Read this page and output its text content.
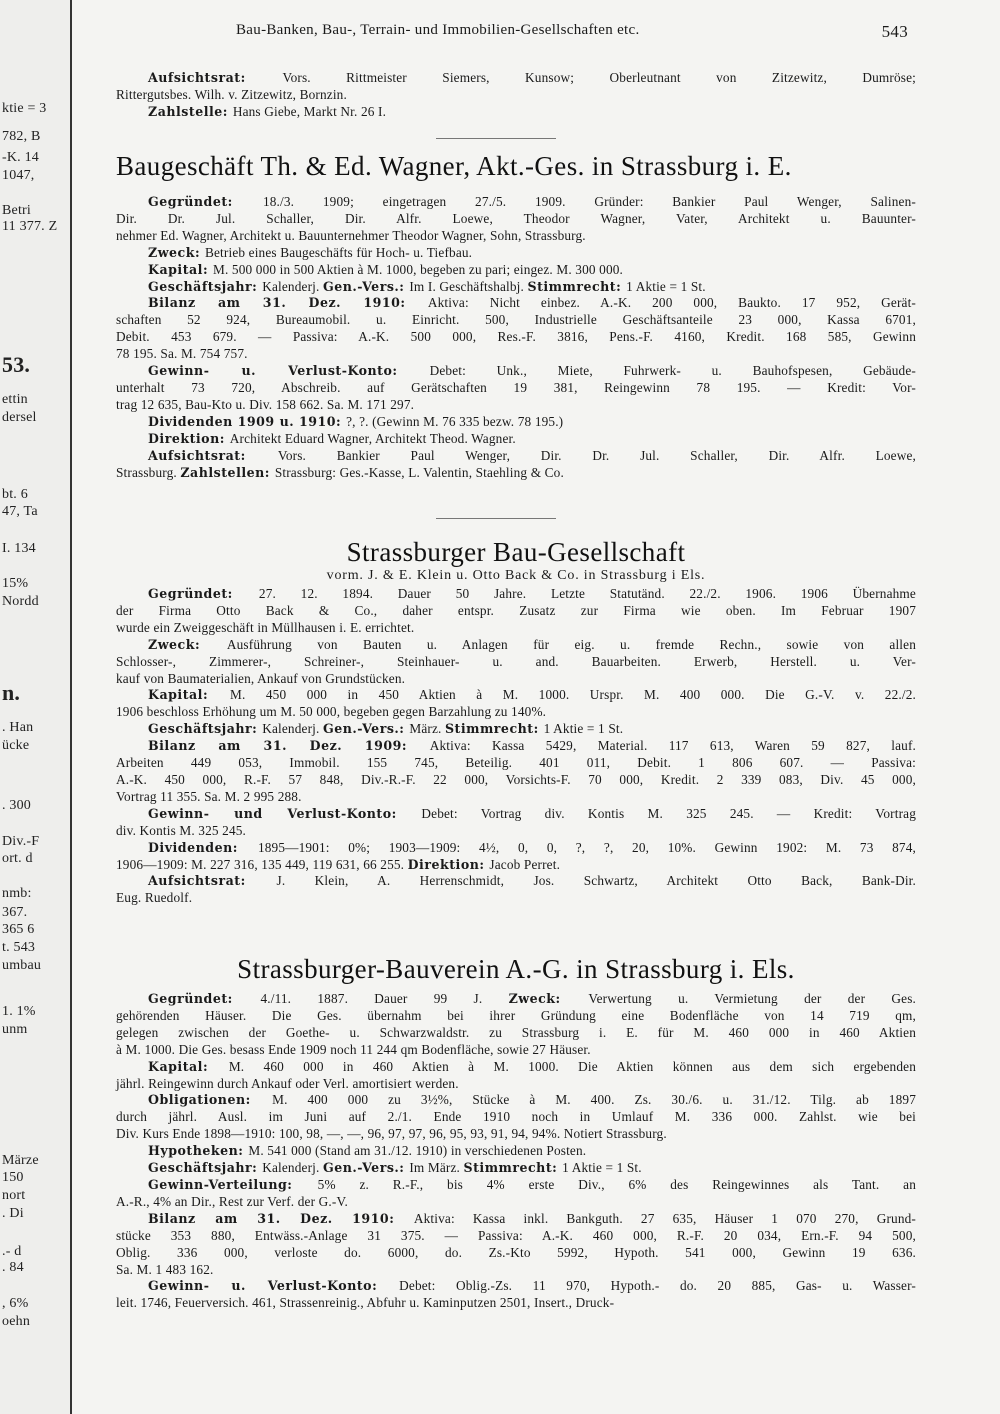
ktie = 3
782, B
-K. 14
1047,
Betri
11 377. Z
53.
ettin
dersel
bt. 6
47, Ta
I. 134
15%
Nordd
n.
. Han
ücke
. 300
Div.-F
ort. d
nmb:
367.
365 6
t. 543
umbau
1. 1%
unm
Märze
150
nort
. Di
.- d
. 84
, 6%
oehn
Bau-Banken, Bau-, Terrain- und Immobilien-Gesellschaften etc.	543
Aufsichtsrat: Vors. Rittmeister Siemers, Kunsow; Oberleutnant von Zitzewitz, Dumröse;
Rittergutsbes. Wilh. v. Zitzewitz, Bornzin.
Zahlstelle: Hans Giebe, Markt Nr. 26 I.
Baugeschäft Th. & Ed. Wagner, Akt.-Ges. in Strassburg i. E.
Gegründet: 18./3. 1909; eingetragen 27./5. 1909. Gründer: Bankier Paul Wenger, Salinen-
Dir. Dr. Jul. Schaller, Dir. Alfr. Loewe, Theodor Wagner, Vater, Architekt u. Bauunter-
nehmer Ed. Wagner, Architekt u. Bauunternehmer Theodor Wagner, Sohn, Strassburg.
Zweck: Betrieb eines Baugeschäfts für Hoch- u. Tiefbau.
Kapital: M. 500 000 in 500 Aktien à M. 1000, begeben zu pari; eingez. M. 300 000.
Geschäftsjahr: Kalenderj. Gen.-Vers.: Im I. Geschäftshalbj. Stimmrecht: 1 Aktie = 1 St.
Bilanz am 31. Dez. 1910: Aktiva: Nicht einbez. A.-K. 200 000, Baukto. 17 952, Gerät-
schaften 52 924, Bureaumobil. u. Einricht. 500, Industrielle Geschäftsanteile 23 000, Kassa 6701,
Debit. 453 679. — Passiva: A.-K. 500 000, Res.-F. 3816, Pens.-F. 4160, Kredit. 168 585, Gewinn
78 195. Sa. M. 754 757.
Gewinn- u. Verlust-Konto: Debet: Unk., Miete, Fuhrwerk- u. Bauhofspesen, Gebäude-
unterhalt 73 720, Abschreib. auf Gerätschaften 19 381, Reingewinn 78 195. — Kredit: Vor-
trag 12 635, Bau-Kto u. Div. 158 662. Sa. M. 171 297.
Dividenden 1909 u. 1910: ?, ?. (Gewinn M. 76 335 bezw. 78 195.)
Direktion: Architekt Eduard Wagner, Architekt Theod. Wagner.
Aufsichtsrat: Vors. Bankier Paul Wenger, Dir. Dr. Jul. Schaller, Dir. Alfr. Loewe,
Strassburg. Zahlstellen: Strassburg: Ges.-Kasse, L. Valentin, Staehling & Co.
Strassburger Bau-Gesellschaft
vorm. J. & E. Klein u. Otto Back & Co. in Strassburg i Els.
Gegründet: 27. 12. 1894. Dauer 50 Jahre. Letzte Statutänd. 22./2. 1906. 1906 Übernahme
der Firma Otto Back & Co., daher entspr. Zusatz zur Firma wie oben. Im Februar 1907
wurde ein Zweiggeschäft in Müllhausen i. E. errichtet.
Zweck: Ausführung von Bauten u. Anlagen für eig. u. fremde Rechn., sowie von allen
Schlosser-, Zimmerer-, Schreiner-, Steinhauer- u. and. Bauarbeiten. Erwerb, Herstell. u. Ver-
kauf von Baumaterialien, Ankauf von Grundstücken.
Kapital: M. 450 000 in 450 Aktien à M. 1000. Urspr. M. 400 000. Die G.-V. v. 22./2.
1906 beschloss Erhöhung um M. 50 000, begeben gegen Barzahlung zu 140%.
Geschäftsjahr: Kalenderj. Gen.-Vers.: März. Stimmrecht: 1 Aktie = 1 St.
Bilanz am 31. Dez. 1909: Aktiva: Kassa 5429, Material. 117 613, Waren 59 827, lauf.
Arbeiten 449 053, Immobil. 155 745, Beteilig. 401 011, Debit. 1 806 607. — Passiva:
A.-K. 450 000, R.-F. 57 848, Div.-R.-F. 22 000, Vorsichts-F. 70 000, Kredit. 2 339 083, Div. 45 000,
Vortrag 11 355. Sa. M. 2 995 288.
Gewinn- und Verlust-Konto: Debet: Vortrag div. Kontis M. 325 245. — Kredit: Vortrag
div. Kontis M. 325 245.
Dividenden: 1895—1901: 0%; 1903—1909: 4½, 0, 0, ?, ?, 20, 10%. Gewinn 1902: M. 73 874,
1906—1909: M. 227 316, 135 449, 119 631, 66 255. Direktion: Jacob Perret.
Aufsichtsrat: J. Klein, A. Herrenschmidt, Jos. Schwartz, Architekt Otto Back, Bank-Dir.
Eug. Ruedolf.
Strassburger-Bauverein A.-G. in Strassburg i. Els.
Gegründet: 4./11. 1887. Dauer 99 J. Zweck: Verwertung u. Vermietung der der Ges.
gehörenden Häuser. Die Ges. übernahm bei ihrer Gründung eine Bodenfläche von 14 719 qm,
gelegen zwischen der Goethe- u. Schwarzwaldstr. zu Strassburg i. E. für M. 460 000 in 460 Aktien
à M. 1000. Die Ges. besass Ende 1909 noch 11 244 qm Bodenfläche, sowie 27 Häuser.
Kapital: M. 460 000 in 460 Aktien à M. 1000. Die Aktien können aus dem sich ergebenden
jährl. Reingewinn durch Ankauf oder Verl. amortisiert werden.
Obligationen: M. 400 000 zu 3½%, Stücke à M. 400. Zs. 30./6. u. 31./12. Tilg. ab 1897
durch jährl. Ausl. im Juni auf 2./1. Ende 1910 noch in Umlauf M. 336 000. Zahlst. wie bei
Div. Kurs Ende 1898—1910: 100, 98, —, —, 96, 97, 97, 96, 95, 93, 91, 94, 94%. Notiert Strassburg.
Hypotheken: M. 541 000 (Stand am 31./12. 1910) in verschiedenen Posten.
Geschäftsjahr: Kalenderj. Gen.-Vers.: Im März. Stimmrecht: 1 Aktie = 1 St.
Gewinn-Verteilung: 5% z. R.-F., bis 4% erste Div., 6% des Reingewinnes als Tant. an
A.-R., 4% an Dir., Rest zur Verf. der G.-V.
Bilanz am 31. Dez. 1910: Aktiva: Kassa inkl. Bankguth. 27 635, Häuser 1 070 270, Grund-
stücke 353 880, Entwäss.-Anlage 31 375. — Passiva: A.-K. 460 000, R.-F. 20 034, Ern.-F. 94 500,
Oblig. 336 000, verloste do. 6000, do. Zs.-Kto 5992, Hypoth. 541 000, Gewinn 19 636.
Sa. M. 1 483 162.
Gewinn- u. Verlust-Konto: Debet: Oblig.-Zs. 11 970, Hypoth.- do. 20 885, Gas- u. Wasser-
leit. 1746, Feuerversich. 461, Strassenreinig., Abfuhr u. Kaminputzen 2501, Insert., Druck-
